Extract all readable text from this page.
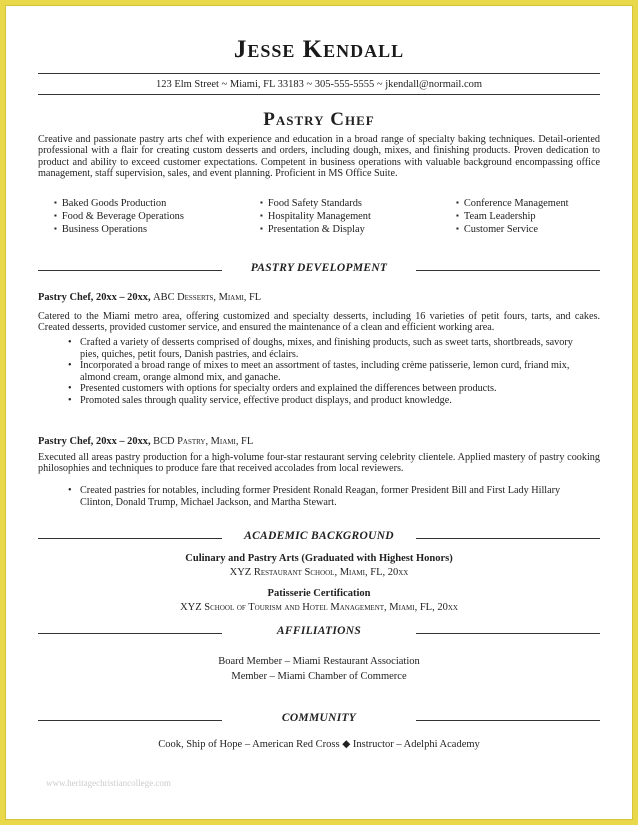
Jesse Kendall
123 Elm Street ~ Miami, FL 33183 ~ 305-555-5555 ~ jkendall@normail.com
Pastry Chef
Creative and passionate pastry arts chef with experience and education in a broad range of specialty baking techniques. Detail-oriented professional with a flair for creating custom desserts and orders, including dough, mixes, and finishing products. Proven dedication to product and ability to exceed customer expectations. Competent in business operations with valuable background encompassing office management, staff supervision, sales, and event planning. Proficient in MS Office Suite.
▪ Baked Goods Production
▪ Food & Beverage Operations
▪ Business Operations
▪ Food Safety Standards
▪ Hospitality Management
▪ Presentation & Display
▪ Conference Management
▪ Team Leadership
▪ Customer Service
PASTRY DEVELOPMENT
Pastry Chef, 20xx – 20xx, ABC Desserts, Miami, FL
Catered to the Miami metro area, offering customized and specialty desserts, including 16 varieties of petit fours, tarts, and cakes. Created desserts, provided customer service, and ensured the maintenance of a clean and efficient working area.
• Crafted a variety of desserts comprised of doughs, mixes, and finishing products, such as sweet tarts, shortbreads, savory pies, quiches, petit fours, Danish pastries, and éclairs.
• Incorporated a broad range of mixes to meet an assortment of tastes, including crème patisserie, lemon curd, friand mix, almond cream, orange almond mix, and ganache.
• Presented customers with options for specialty orders and explained the differences between products.
• Promoted sales through quality service, effective product displays, and product knowledge.
Pastry Chef, 20xx – 20xx, BCD Pastry, Miami, FL
Executed all areas pastry production for a high-volume four-star restaurant serving celebrity clientele. Applied mastery of pastry cooking philosophies and techniques to produce fare that received accolades from local reviewers.
• Created pastries for notables, including former President Ronald Reagan, former President Bill and First Lady Hillary Clinton, Donald Trump, Michael Jackson, and Martha Stewart.
ACADEMIC BACKGROUND
Culinary and Pastry Arts (Graduated with Highest Honors)
XYZ Restaurant School, Miami, FL, 20xx
Patisserie Certification
XYZ School of Tourism and Hotel Management, Miami, FL, 20xx
AFFILIATIONS
Board Member – Miami Restaurant Association
Member – Miami Chamber of Commerce
COMMUNITY
Cook, Ship of Hope – American Red Cross ◆ Instructor – Adelphi Academy
www.heritagechristiancollege.com
